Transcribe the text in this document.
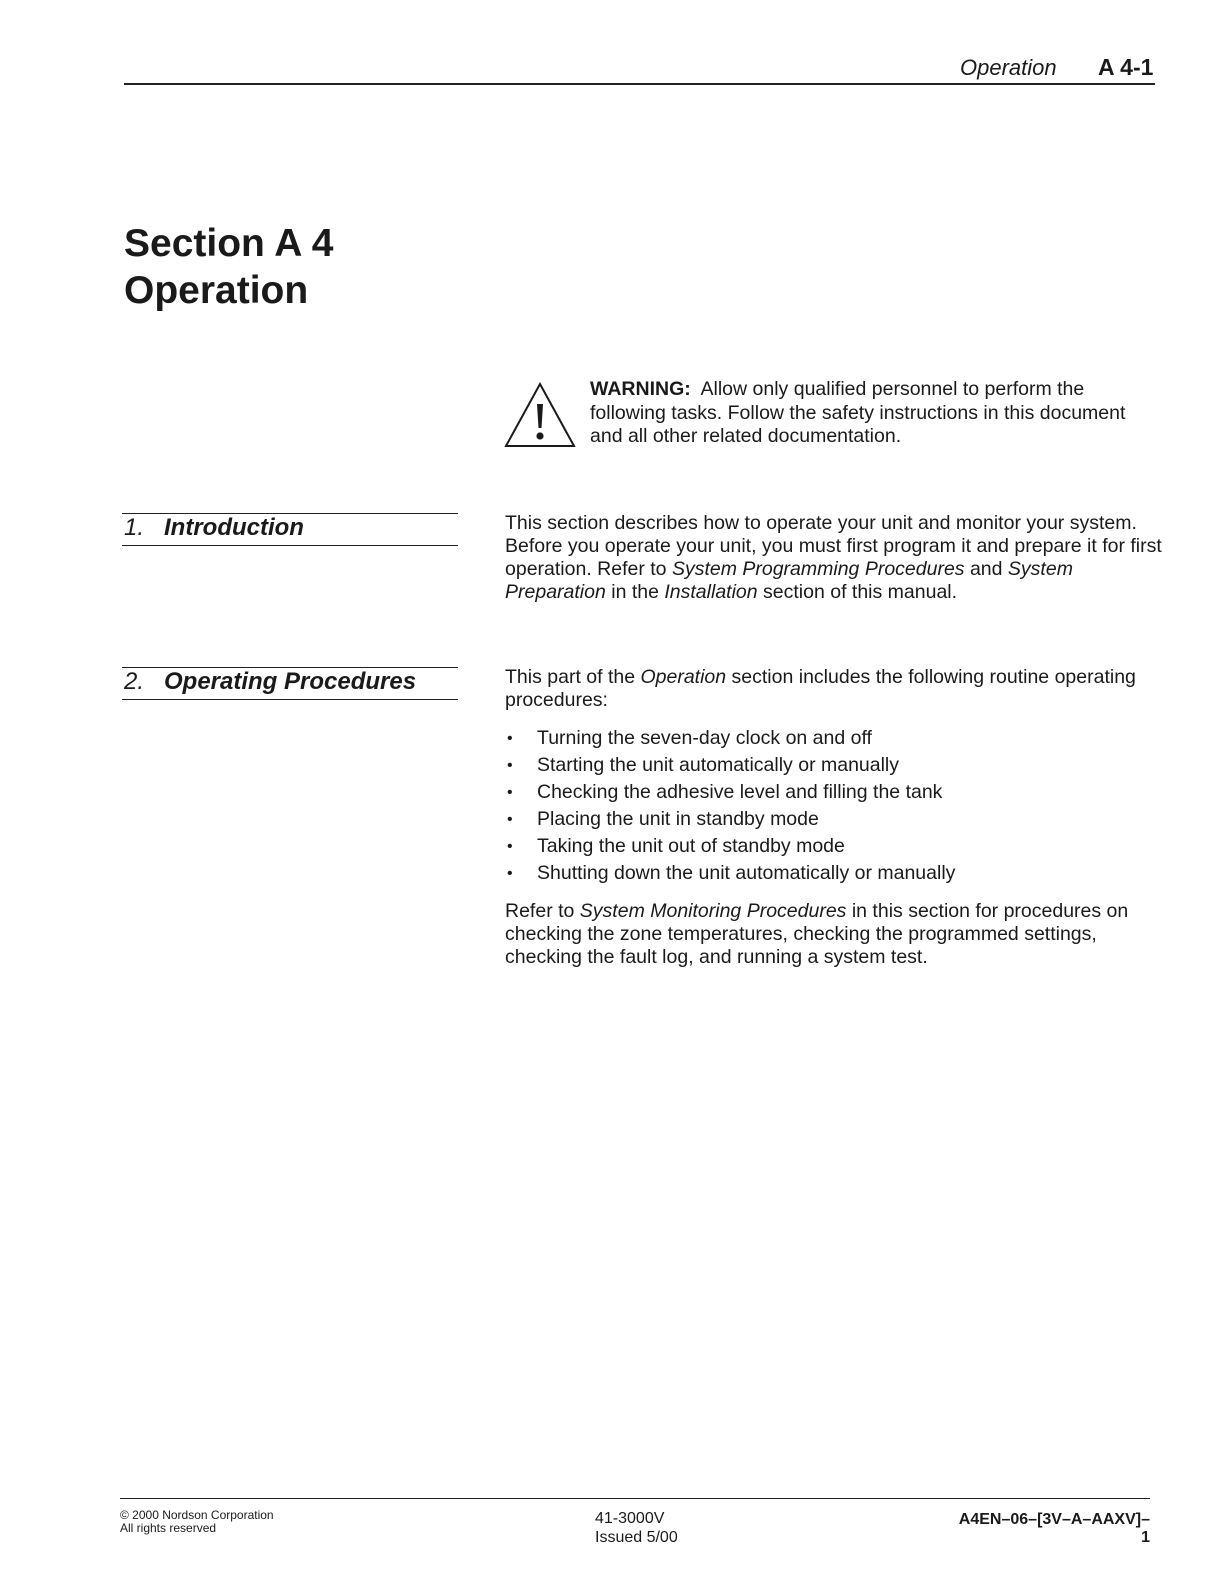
Operation A 4-1
Section A 4
Operation
WARNING: Allow only qualified personnel to perform the following tasks. Follow the safety instructions in this document and all other related documentation.
1. Introduction	This section describes how to operate your unit and monitor your system. Before you operate your unit, you must first program it and prepare it for first operation. Refer to System Programming Procedures and System Preparation in the Installation section of this manual.
2. Operating Procedures	This part of the Operation section includes the following routine operating procedures:
• Turning the seven-day clock on and off
• Starting the unit automatically or manually
• Checking the adhesive level and filling the tank
• Placing the unit in standby mode
• Taking the unit out of standby mode
• Shutting down the unit automatically or manually
Refer to System Monitoring Procedures in this section for procedures on checking the zone temperatures, checking the programmed settings, checking the fault log, and running a system test.
© 2000 Nordson Corporation
All rights reserved
41-3000V
Issued 5/00
A4EN–06–[3V–A–AAXV]–1
